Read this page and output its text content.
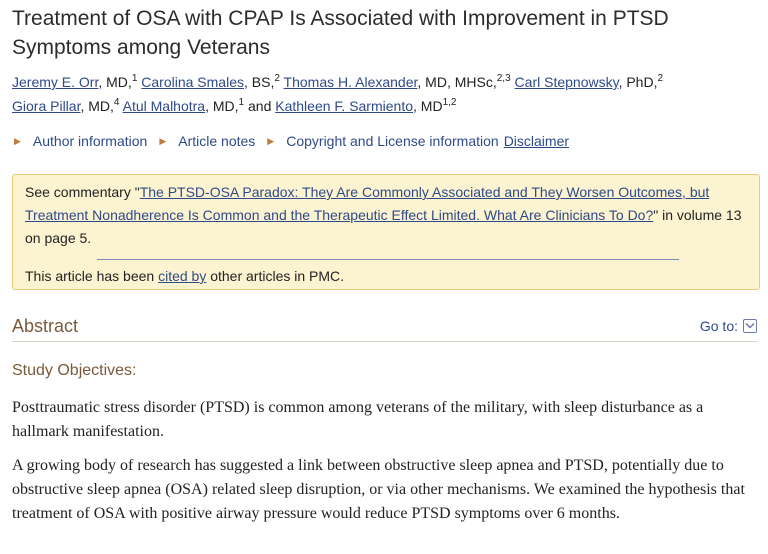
Treatment of OSA with CPAP Is Associated with Improvement in PTSD Symptoms among Veterans
Jeremy E. Orr, MD,$^1$ Carolina Smales, BS,$^2$ Thomas H. Alexander, MD, MHSc,$^{2,3}$ Carl Stepnowsky, PhD,$^2$
Giora Pillar, MD,$^4$ Atul Malhotra, MD,$^1$ and Kathleen F. Sarmiento, MD$^{1,2}$
▶ Author information ▶ Article notes ▶ Copyright and License information Disclaimer
See commentary "The PTSD-OSA Paradox: They Are Commonly Associated and They Worsen Outcomes, but Treatment Nonadherence Is Common and the Therapeutic Effect Limited. What Are Clinicians To Do?" in volume 13 on page 5.
This article has been cited by other articles in PMC.
Abstract	Go to:
Study Objectives:

Posttraumatic stress disorder (PTSD) is common among veterans of the military, with sleep disturbance as a hallmark manifestation.

A growing body of research has suggested a link between obstructive sleep apnea and PTSD, potentially due to obstructive sleep apnea (OSA) related sleep disruption, or via other mechanisms. We examined the hypothesis that treatment of OSA with positive airway pressure would reduce PTSD symptoms over 6 months.
